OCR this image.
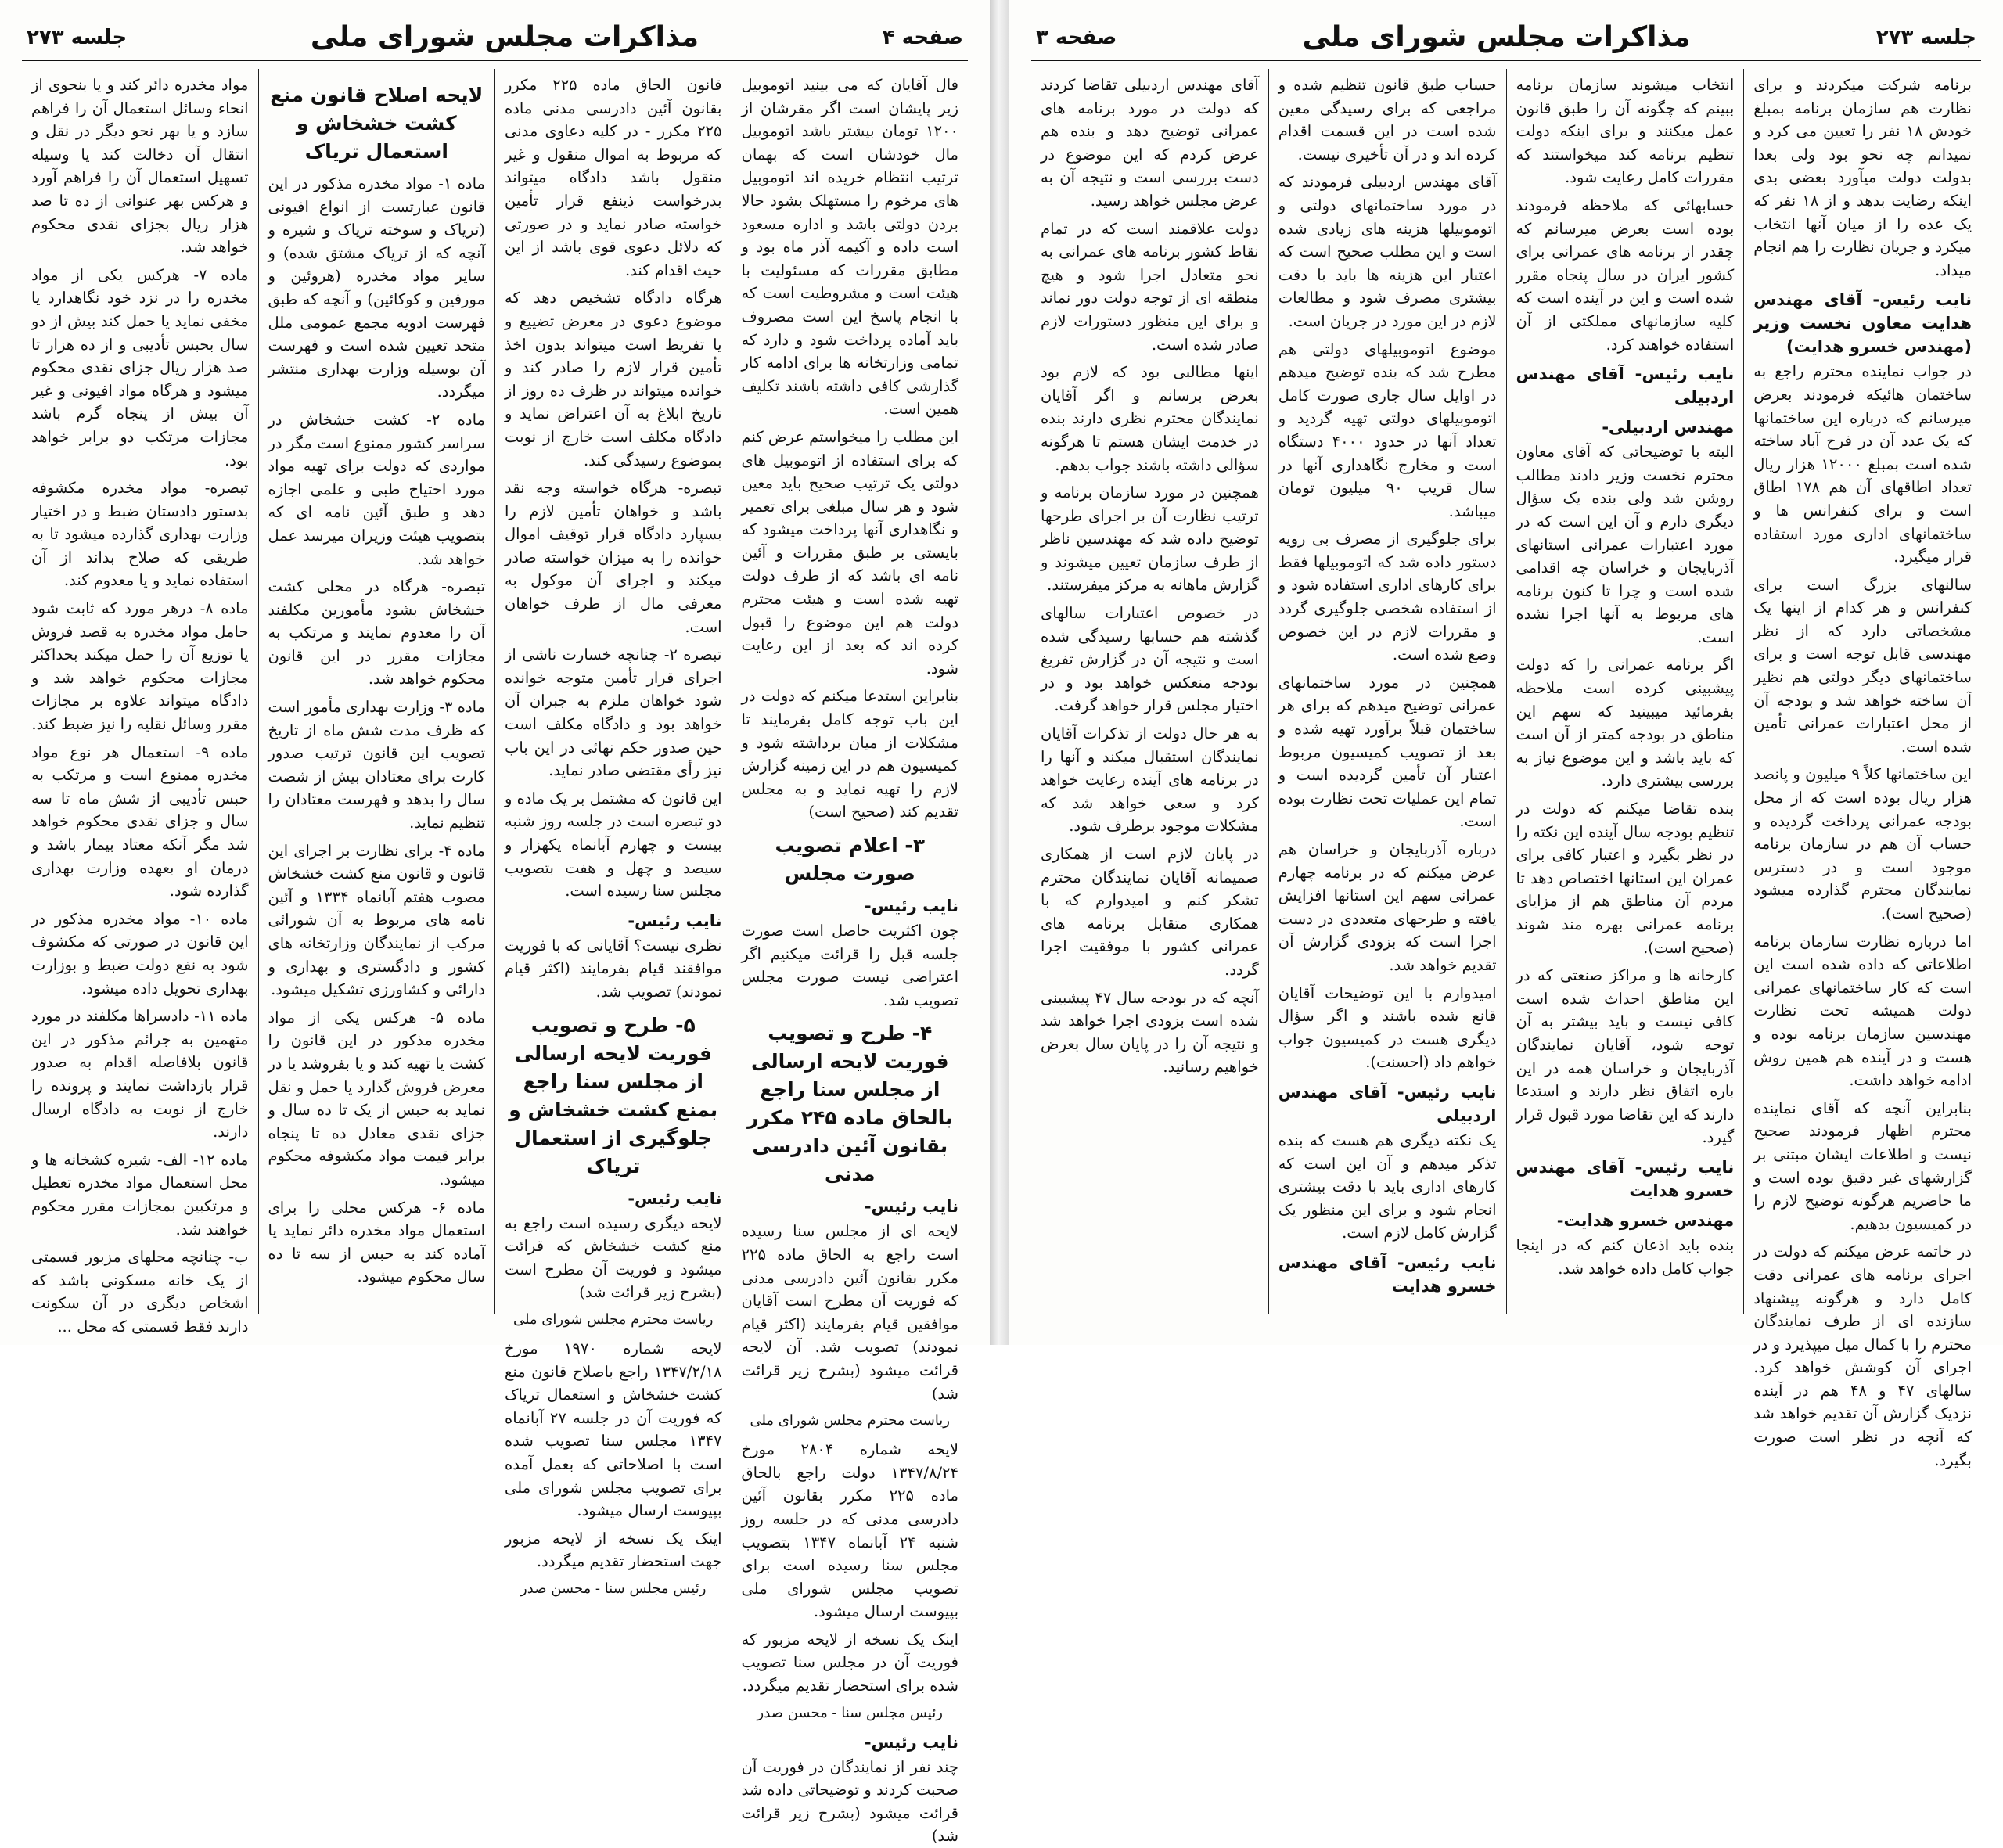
صفحه ۴
مذاکرات مجلس شورای ملی
جلسه ۲۷۳
فال آقایان که می بینید اتوموبیل زیر پایشان است اگر مقرشان از ۱۲۰۰ تومان بیشتر باشد اتوموبیل مال خودشان است که بهمان ترتیب انتظام خریده اند اتوموبیل های مرخوم را مستهلک بشود حالا بردن دولتی باشد و اداره مسعود است داده و آکیمه آذر ماه بود و مطابق مقررات که مسئولیت با هیئت است و مشروطیت است که با انجام پاسخ این است مصروف باید آماده پرداخت شود و دارد که تمامی وزارتخانه ها برای ادامه کار گذارشی کافی داشته باشند تکلیف همین است.
این مطلب را میخواستم عرض کنم که برای استفاده از اتوموبیل های دولتی یک ترتیب صحیح باید معین شود و هر سال مبلغی برای تعمیر و نگاهداری آنها پرداخت میشود که بایستی بر طبق مقررات و آئین نامه ای باشد که از طرف دولت تهیه شده است و هیئت محترم دولت هم این موضوع را قبول کرده اند که بعد از این رعایت شود.
بنابراین استدعا میکنم که دولت در این باب توجه کامل بفرمایند تا مشکلات از میان برداشته شود و کمیسیون هم در این زمینه گزارش لازم را تهیه نماید و به مجلس تقدیم کند (صحیح است)
۳- اعلام تصویب صورت مجلس
نایب رئیس-
چون اکثریت حاصل است صورت جلسه قبل را قرائت میکنیم اگر اعتراضی نیست صورت مجلس تصویب شد.
۴- طرح و تصویب فوریت لایحه ارسالی از مجلس سنا راجع بالحاق ماده ۲۴۵ مکرر بقانون آئین دادرسی مدنی
نایب رئیس-
لایحه ای از مجلس سنا رسیده است راجع به الحاق ماده ۲۲۵ مکرر بقانون آئین دادرسی مدنی که فوریت آن مطرح است آقایان موافقین قیام بفرمایند (اکثر قیام نمودند) تصویب شد. آن لایحه قرائت میشود (بشرح زیر قرائت شد)
ریاست محترم مجلس شورای ملی
لایحه شماره ۲۸۰۴ مورخ ۱۳۴۷/۸/۲۴ دولت راجع بالحاق ماده ۲۲۵ مکرر بقانون آئین دادرسی مدنی که در جلسه روز شنبه ۲۴ آبانماه ۱۳۴۷ بتصویب مجلس سنا رسیده است برای تصویب مجلس شورای ملی بپیوست ارسال میشود.
اینک یک نسخه از لایحه مزبور که فوریت آن در مجلس سنا تصویب شده برای استحضار تقدیم میگردد.
رئیس مجلس سنا - محسن صدر
نایب رئیس-
چند نفر از نمایندگان در فوریت آن صحبت کردند و توضیحاتی داده شد قرائت میشود (بشرح زیر قرائت شد)
قانون الحاق ماده ۲۲۵ مکرر بقانون آئین دادرسی مدنی ماده ۲۲۵ مکرر - در کلیه دعاوی مدنی که مربوط به اموال منقول و غیر منقول باشد دادگاه میتواند بدرخواست ذینفع قرار تأمین خواسته صادر نماید و در صورتی که دلائل دعوی قوی باشد از این حیث اقدام کند.
هرگاه دادگاه تشخیص دهد که موضوع دعوی در معرض تضییع و یا تفریط است میتواند بدون اخذ تأمین قرار لازم را صادر کند و خوانده میتواند در ظرف ده روز از تاریخ ابلاغ به آن اعتراض نماید و دادگاه مکلف است خارج از نوبت بموضوع رسیدگی کند.
تبصره- هرگاه خواسته وجه نقد باشد و خواهان تأمین لازم را بسپارد دادگاه قرار توقیف اموال خوانده را به میزان خواسته صادر میکند و اجرای آن موکول به معرفی مال از طرف خواهان است.
تبصره ۲- چنانچه خسارت ناشی از اجرای قرار تأمین متوجه خوانده شود خواهان ملزم به جبران آن خواهد بود و دادگاه مکلف است حین صدور حکم نهائی در این باب نیز رأی مقتضی صادر نماید.
این قانون که مشتمل بر یک ماده و دو تبصره است در جلسه روز شنبه بیست و چهارم آبانماه یکهزار و سیصد و چهل و هفت بتصویب مجلس سنا رسیده است.
نایب رئیس-
نظری نیست؟ آقایانی که با فوریت موافقند قیام بفرمایند (اکثر قیام نمودند) تصویب شد.
۵- طرح و تصویب فوریت لایحه ارسالی از مجلس سنا راجع بمنع کشت خشخاش و جلوگیری از استعمال تریاک
نایب رئیس-
لایحه دیگری رسیده است راجع به منع کشت خشخاش که قرائت میشود و فوریت آن مطرح است (بشرح زیر قرائت شد)
ریاست محترم مجلس شورای ملی
لایحه شماره ۱۹۷۰ مورخ ۱۳۴۷/۲/۱۸ راجع باصلاح قانون منع کشت خشخاش و استعمال تریاک که فوریت آن در جلسه ۲۷ آبانماه ۱۳۴۷ مجلس سنا تصویب شده است با اصلاحاتی که بعمل آمده برای تصویب مجلس شورای ملی بپیوست ارسال میشود.
اینک یک نسخه از لایحه مزبور جهت استحضار تقدیم میگردد.
رئیس مجلس سنا - محسن صدر
لایحه اصلاح قانون منع کشت خشخاش و استعمال تریاک
ماده ۱- مواد مخدره مذکور در این قانون عبارتست از انواع افیونی (تریاک و سوخته تریاک و شیره و آنچه که از تریاک مشتق شده) و سایر مواد مخدره (هروئین و مورفین و کوکائین) و آنچه که طبق فهرست ادویه مجمع عمومی ملل متحد تعیین شده است و فهرست آن بوسیله وزارت بهداری منتشر میگردد.
ماده ۲- کشت خشخاش در سراسر کشور ممنوع است مگر در مواردی که دولت برای تهیه مواد مورد احتیاج طبی و علمی اجازه دهد و طبق آئین نامه ای که بتصویب هیئت وزیران میرسد عمل خواهد شد.
تبصره- هرگاه در محلی کشت خشخاش بشود مأمورین مکلفند آن را معدوم نمایند و مرتکب به مجازات مقرر در این قانون محکوم خواهد شد.
ماده ۳- وزارت بهداری مأمور است که ظرف مدت شش ماه از تاریخ تصویب این قانون ترتیب صدور کارت برای معتادان بیش از شصت سال را بدهد و فهرست معتادان را تنظیم نماید.
ماده ۴- برای نظارت بر اجرای این قانون و قانون منع کشت خشخاش مصوب هفتم آبانماه ۱۳۳۴ و آئین نامه های مربوط به آن شورائی مرکب از نمایندگان وزارتخانه های کشور و دادگستری و بهداری و دارائی و کشاورزی تشکیل میشود.
ماده ۵- هرکس یکی از مواد مخدره مذکور در این قانون را کشت یا تهیه کند و یا بفروشد یا در معرض فروش گذارد یا حمل و نقل نماید به حبس از یک تا ده سال و جزای نقدی معادل ده تا پنجاه برابر قیمت مواد مکشوفه محکوم میشود.
ماده ۶- هرکس محلی را برای استعمال مواد مخدره دائر نماید یا آماده کند به حبس از سه تا ده سال محکوم میشود.
مواد مخدره دائر کند و یا بنحوی از انحاء وسائل استعمال آن را فراهم سازد و یا بهر نحو دیگر در نقل و انتقال آن دخالت کند یا وسیله تسهیل استعمال آن را فراهم آورد و هرکس بهر عنوانی از ده تا صد هزار ریال بجزای نقدی محکوم خواهد شد.
ماده ۷- هرکس یکی از مواد مخدره را در نزد خود نگاهدارد یا مخفی نماید یا حمل کند بیش از دو سال بحبس تأدیبی و از ده هزار تا صد هزار ریال جزای نقدی محکوم میشود و هرگاه مواد افیونی و غیر آن بیش از پنجاه گرم باشد مجازات مرتکب دو برابر خواهد بود.
تبصره- مواد مخدره مکشوفه بدستور دادستان ضبط و در اختیار وزارت بهداری گذارده میشود تا به طریقی که صلاح بداند از آن استفاده نماید و یا معدوم کند.
ماده ۸- درهر مورد که ثابت شود حامل مواد مخدره به قصد فروش یا توزیع آن را حمل میکند بحداکثر مجازات محکوم خواهد شد و دادگاه میتواند علاوه بر مجازات مقرر وسائل نقلیه را نیز ضبط کند.
ماده ۹- استعمال هر نوع مواد مخدره ممنوع است و مرتکب به حبس تأدیبی از شش ماه تا سه سال و جزای نقدی محکوم خواهد شد مگر آنکه معتاد بیمار باشد و درمان او بعهده وزارت بهداری گذارده شود.
ماده ۱۰- مواد مخدره مذکور در این قانون در صورتی که مکشوف شود به نفع دولت ضبط و بوزارت بهداری تحویل داده میشود.
ماده ۱۱- دادسراها مکلفند در مورد متهمین به جرائم مذکور در این قانون بلافاصله اقدام به صدور قرار بازداشت نمایند و پرونده را خارج از نوبت به دادگاه ارسال دارند.
ماده ۱۲- الف- شیره کشخانه ها و محل استعمال مواد مخدره تعطیل و مرتکبین بمجازات مقرر محکوم خواهند شد.
ب- چنانچه محلهای مزبور قسمتی از یک خانه مسکونی باشد که اشخاص دیگری در آن سکونت دارند فقط قسمتی که محل ...
جلسه ۲۷۳
مذاکرات مجلس شورای ملی
صفحه ۳
برنامه شرکت میکردند و برای نظارت هم سازمان برنامه بمبلغ خودش ۱۸ نفر را تعیین می کرد و نمیدانم چه نحو بود ولی بعدا بدولت دولت میآورد بعضی بدی اینکه رضایت بدهد و از ۱۸ نفر که یک عده را از میان آنها انتخاب میکرد و جریان نظارت را هم انجام میداد.
نایب رئیس- آقای مهندس هدایت معاون نخست وزیر (مهندس خسرو هدایت)
در جواب نماینده محترم راجع به ساختمان هائیکه فرمودند بعرض میرسانم که درباره این ساختمانها که یک عدد آن در فرح آباد ساخته شده است بمبلغ ۱۲۰۰۰ هزار ریال تعداد اطاقهای آن هم ۱۷۸ اطاق است و برای کنفرانس ها و ساختمانهای اداری مورد استفاده قرار میگیرد.
سالنهای بزرگ است برای کنفرانس و هر کدام از اینها یک مشخصاتی دارد که از نظر مهندسی قابل توجه است و برای ساختمانهای دیگر دولتی هم نظیر آن ساخته خواهد شد و بودجه آن از محل اعتبارات عمرانی تأمین شده است.
این ساختمانها کلاً ۹ میلیون و پانصد هزار ریال بوده است که از محل بودجه عمرانی پرداخت گردیده و حساب آن هم در سازمان برنامه موجود است و در دسترس نمایندگان محترم گذارده میشود (صحیح است).
اما درباره نظارت سازمان برنامه اطلاعاتی که داده شده است این است که کار ساختمانهای عمرانی دولت همیشه تحت نظارت مهندسین سازمان برنامه بوده و هست و در آینده هم همین روش ادامه خواهد داشت.
بنابراین آنچه که آقای نماینده محترم اظهار فرمودند صحیح نیست و اطلاعات ایشان مبتنی بر گزارشهای غیر دقیق بوده است و ما حاضریم هرگونه توضیح لازم را در کمیسیون بدهیم.
در خاتمه عرض میکنم که دولت در اجرای برنامه های عمرانی دقت کامل دارد و هرگونه پیشنهاد سازنده ای از طرف نمایندگان محترم را با کمال میل میپذیرد و در اجرای آن کوشش خواهد کرد. سالهای ۴۷ و ۴۸ هم در آینده نزدیک گزارش آن تقدیم خواهد شد که آنچه در نظر است صورت بگیرد.
انتخاب میشوند سازمان برنامه ببینم که چگونه آن را طبق قانون عمل میکنند و برای اینکه دولت تنظیم برنامه کند میخواستند که مقررات کامل رعایت شود.
حسابهائی که ملاحظه فرمودند بوده است بعرض میرسانم که چقدر از برنامه های عمرانی برای کشور ایران در سال پنجاه مقرر شده است و این در آینده است که کلیه سازمانهای مملکتی از آن استفاده خواهند کرد.
نایب رئیس- آقای مهندس اردبیلی
مهندس اردبیلی-
البته با توضیحاتی که آقای معاون محترم نخست وزیر دادند مطالب روشن شد ولی بنده یک سؤال دیگری دارم و آن این است که در مورد اعتبارات عمرانی استانهای آذربایجان و خراسان چه اقدامی شده است و چرا تا کنون برنامه های مربوط به آنها اجرا نشده است.
اگر برنامه عمرانی را که دولت پیشبینی کرده است ملاحظه بفرمائید میبینید که سهم این مناطق در بودجه کمتر از آن است که باید باشد و این موضوع نیاز به بررسی بیشتری دارد.
بنده تقاضا میکنم که دولت در تنظیم بودجه سال آینده این نکته را در نظر بگیرد و اعتبار کافی برای عمران این استانها اختصاص دهد تا مردم آن مناطق هم از مزایای برنامه عمرانی بهره مند شوند (صحیح است).
کارخانه ها و مراکز صنعتی که در این مناطق احداث شده است کافی نیست و باید بیشتر به آن توجه شود، آقایان نمایندگان آذربایجان و خراسان همه در این باره اتفاق نظر دارند و استدعا دارند که این تقاضا مورد قبول قرار گیرد.
نایب رئیس- آقای مهندس خسرو هدایت
مهندس خسرو هدایت-
بنده باید اذعان کنم که در اینجا جواب کامل داده خواهد شد.
حساب طبق قانون تنظیم شده و مراجعی که برای رسیدگی معین شده است در این قسمت اقدام کرده اند و در آن تأخیری نیست.
آقای مهندس اردبیلی فرمودند که در مورد ساختمانهای دولتی و اتوموبیلها هزینه های زیادی شده است و این مطلب صحیح است که اعتبار این هزینه ها باید با دقت بیشتری مصرف شود و مطالعات لازم در این مورد در جریان است.
موضوع اتوموبیلهای دولتی هم مطرح شد که بنده توضیح میدهم در اوایل سال جاری صورت کامل اتوموبیلهای دولتی تهیه گردید و تعداد آنها در حدود ۴۰۰۰ دستگاه است و مخارج نگاهداری آنها در سال قریب ۹۰ میلیون تومان میباشد.
برای جلوگیری از مصرف بی رویه دستور داده شد که اتوموبیلها فقط برای کارهای اداری استفاده شود و از استفاده شخصی جلوگیری گردد و مقررات لازم در این خصوص وضع شده است.
همچنین در مورد ساختمانهای عمرانی توضیح میدهم که برای هر ساختمان قبلاً برآورد تهیه شده و بعد از تصویب کمیسیون مربوط اعتبار آن تأمین گردیده است و تمام این عملیات تحت نظارت بوده است.
درباره آذربایجان و خراسان هم عرض میکنم که در برنامه چهارم عمرانی سهم این استانها افزایش یافته و طرحهای متعددی در دست اجرا است که بزودی گزارش آن تقدیم خواهد شد.
امیدوارم با این توضیحات آقایان قانع شده باشند و اگر سؤال دیگری هست در کمیسیون جواب خواهم داد (احسنت).
نایب رئیس- آقای مهندس اردبیلی
یک نکته دیگری هم هست که بنده تذکر میدهم و آن این است که کارهای اداری باید با دقت بیشتری انجام شود و برای این منظور یک گزارش کامل لازم است.
نایب رئیس- آقای مهندس خسرو هدایت
آقای مهندس اردبیلی تقاضا کردند که دولت در مورد برنامه های عمرانی توضیح دهد و بنده هم عرض کردم که این موضوع در دست بررسی است و نتیجه آن به عرض مجلس خواهد رسید.
دولت علاقمند است که در تمام نقاط کشور برنامه های عمرانی به نحو متعادل اجرا شود و هیچ منطقه ای از توجه دولت دور نماند و برای این منظور دستورات لازم صادر شده است.
اینها مطالبی بود که لازم بود بعرض برسانم و اگر آقایان نمایندگان محترم نظری دارند بنده در خدمت ایشان هستم تا هرگونه سؤالی داشته باشند جواب بدهم.
همچنین در مورد سازمان برنامه و ترتیب نظارت آن بر اجرای طرحها توضیح داده شد که مهندسین ناظر از طرف سازمان تعیین میشوند و گزارش ماهانه به مرکز میفرستند.
در خصوص اعتبارات سالهای گذشته هم حسابها رسیدگی شده است و نتیجه آن در گزارش تفریغ بودجه منعکس خواهد بود و در اختیار مجلس قرار خواهد گرفت.
به هر حال دولت از تذکرات آقایان نمایندگان استقبال میکند و آنها را در برنامه های آینده رعایت خواهد کرد و سعی خواهد شد که مشکلات موجود برطرف شود.
در پایان لازم است از همکاری صمیمانه آقایان نمایندگان محترم تشکر کنم و امیدوارم که با همکاری متقابل برنامه های عمرانی کشور با موفقیت اجرا گردد.
آنچه که در بودجه سال ۴۷ پیشبینی شده است بزودی اجرا خواهد شد و نتیجه آن را در پایان سال بعرض خواهیم رسانید.
